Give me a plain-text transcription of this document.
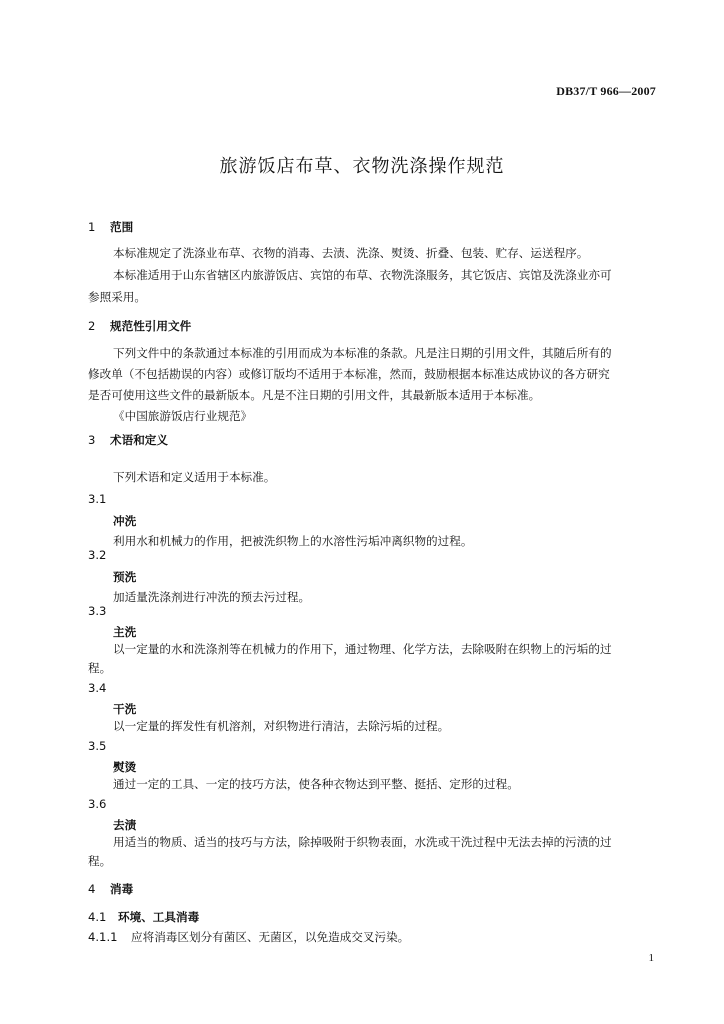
DB37/T 966—2007
旅游饭店布草、衣物洗涤操作规范
1 范围
本标准规定了洗涤业布草、衣物的消毒、去渍、洗涤、熨烫、折叠、包装、贮存、运送程序。
本标准适用于山东省辖区内旅游饭店、宾馆的布草、衣物洗涤服务，其它饭店、宾馆及洗涤业亦可
参照采用。
2 规范性引用文件
下列文件中的条款通过本标准的引用而成为本标准的条款。凡是注日期的引用文件，其随后所有的
修改单（不包括勘误的内容）或修订版均不适用于本标准，然而，鼓励根据本标准达成协议的各方研究
是否可使用这些文件的最新版本。凡是不注日期的引用文件，其最新版本适用于本标准。
《中国旅游饭店行业规范》
3 术语和定义
下列术语和定义适用于本标准。
3.1
冲洗
利用水和机械力的作用，把被洗织物上的水溶性污垢冲离织物的过程。
3.2
预洗
加适量洗涤剂进行冲洗的预去污过程。
3.3
主洗
以一定量的水和洗涤剂等在机械力的作用下，通过物理、化学方法，去除吸附在织物上的污垢的过
程。
3.4
干洗
以一定量的挥发性有机溶剂，对织物进行清洁，去除污垢的过程。
3.5
熨烫
通过一定的工具、一定的技巧方法，使各种衣物达到平整、挺括、定形的过程。
3.6
去渍
用适当的物质、适当的技巧与方法，除掉吸附于织物表面，水洗或干洗过程中无法去掉的污渍的过
程。
4 消毒
4.1 环境、工具消毒
4.1.1 应将消毒区划分有菌区、无菌区，以免造成交叉污染。
1
